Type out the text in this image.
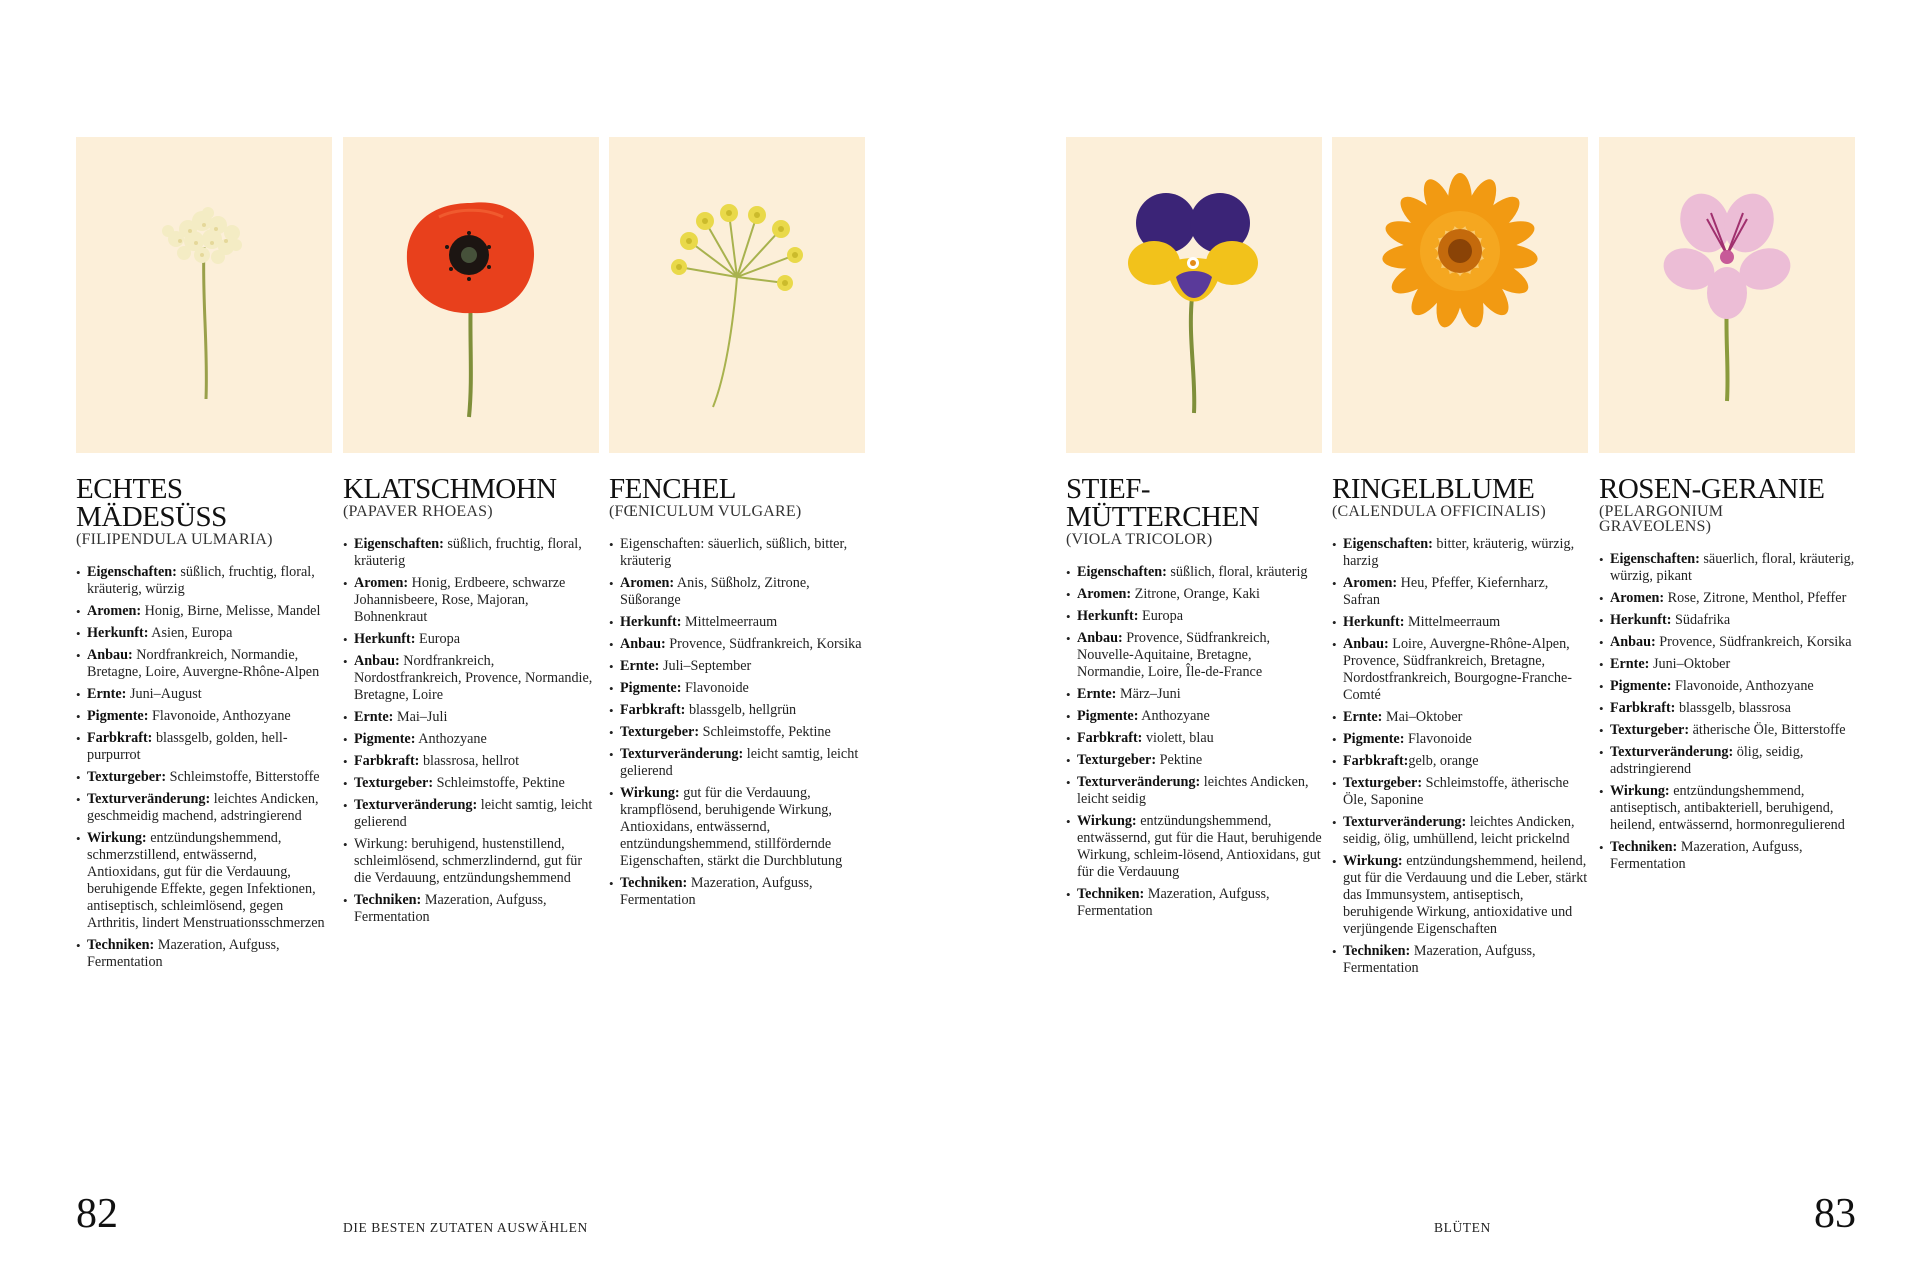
ECHTES
MÄDESÜSS
(FILIPENDULA ULMARIA)
• Eigenschaften: süßlich, fruchtig, floral, kräuterig, würzig
• Aromen: Honig, Birne, Melisse, Mandel
• Herkunft: Asien, Europa
• Anbau: Nordfrankreich, Normandie, Bretagne, Loire, Auvergne-Rhône-Alpen
• Ernte: Juni–August
• Pigmente: Flavonoide, Anthozyane
• Farbkraft: blassgelb, golden, hell-purpurrot
• Texturgeber: Schleimstoffe, Bitterstoffe
• Texturveränderung: leichtes Andicken, geschmeidig machend, adstringierend
• Wirkung: entzündungshemmend, schmerzstillend, entwässernd, Antioxidans, gut für die Verdauung, beruhigende Effekte, gegen Infektionen, antiseptisch, schleimlösend, gegen Arthritis, lindert Menstruationsschmerzen
• Techniken: Mazeration, Aufguss, Fermentation
KLATSCHMOHN
(PAPAVER RHOEAS)
• Eigenschaften: süßlich, fruchtig, floral, kräuterig
• Aromen: Honig, Erdbeere, schwarze Johannisbeere, Rose, Majoran, Bohnenkraut
• Herkunft: Europa
• Anbau: Nordfrankreich, Nordostfrankreich, Provence, Normandie, Bretagne, Loire
• Ernte: Mai–Juli
• Pigmente: Anthozyane
• Farbkraft: blassrosa, hellrot
• Texturgeber: Schleimstoffe, Pektine
• Texturveränderung: leicht samtig, leicht gelierend
• Wirkung: beruhigend, hustenstillend, schleimlösend, schmerzlindernd, gut für die Verdauung, entzündungshemmend
• Techniken: Mazeration, Aufguss, Fermentation
FENCHEL
(FŒNICULUM VULGARE)
• Eigenschaften: säuerlich, süßlich, bitter, kräuterig
• Aromen: Anis, Süßholz, Zitrone, Süßorange
• Herkunft: Mittelmeerraum
• Anbau: Provence, Südfrankreich, Korsika
• Ernte: Juli–September
• Pigmente: Flavonoide
• Farbkraft: blassgelb, hellgrün
• Texturgeber: Schleimstoffe, Pektine
• Texturveränderung: leicht samtig, leicht gelierend
• Wirkung: gut für die Verdauung, krampflösend, beruhigende Wirkung, Antioxidans, entwässernd, entzündungshemmend, stillfördernde Eigenschaften, stärkt die Durchblutung
• Techniken: Mazeration, Aufguss, Fermentation
82	DIE BESTEN ZUTATEN AUSWÄHLEN
STIEF-
MÜTTERCHEN
(VIOLA TRICOLOR)
• Eigenschaften: süßlich, floral, kräuterig
• Aromen: Zitrone, Orange, Kaki
• Herkunft: Europa
• Anbau: Provence, Südfrankreich, Nouvelle-Aquitaine, Bretagne, Normandie, Loire, Île-de-France
• Ernte: März–Juni
• Pigmente: Anthozyane
• Farbkraft: violett, blau
• Texturgeber: Pektine
• Texturveränderung: leichtes Andicken, leicht seidig
• Wirkung: entzündungshemmend, entwässernd, gut für die Haut, beruhigende Wirkung, schleim-lösend, Antioxidans, gut für die Verdauung
• Techniken: Mazeration, Aufguss, Fermentation
RINGELBLUME
(CALENDULA OFFICINALIS)
• Eigenschaften: bitter, kräuterig, würzig, harzig
• Aromen: Heu, Pfeffer, Kiefernharz, Safran
• Herkunft: Mittelmeerraum
• Anbau: Loire, Auvergne-Rhône-Alpen, Provence, Südfrankreich, Bretagne, Nordostfrankreich, Bourgogne-Franche-Comté
• Ernte: Mai–Oktober
• Pigmente: Flavonoide
• Farbkraft:gelb, orange
• Texturgeber: Schleimstoffe, ätherische Öle, Saponine
• Texturveränderung: leichtes Andicken, seidig, ölig, umhüllend, leicht prickelnd
• Wirkung: entzündungshemmend, heilend, gut für die Verdauung und die Leber, stärkt das Immunsystem, antiseptisch, beruhigende Wirkung, antioxidative und verjüngende Eigenschaften
• Techniken: Mazeration, Aufguss, Fermentation
ROSEN-GERANIE
(PELARGONIUM
GRAVEOLENS)
• Eigenschaften: säuerlich, floral, kräuterig, würzig, pikant
• Aromen: Rose, Zitrone, Menthol, Pfeffer
• Herkunft: Südafrika
• Anbau: Provence, Südfrankreich, Korsika
• Ernte: Juni–Oktober
• Pigmente: Flavonoide, Anthozyane
• Farbkraft: blassgelb, blassrosa
• Texturgeber: ätherische Öle, Bitterstoffe
• Texturveränderung: ölig, seidig, adstringierend
• Wirkung: entzündungshemmend, antiseptisch, antibakteriell, beruhigend, heilend, entwässernd, hormonregulierend
• Techniken: Mazeration, Aufguss, Fermentation
BLÜTEN	83
